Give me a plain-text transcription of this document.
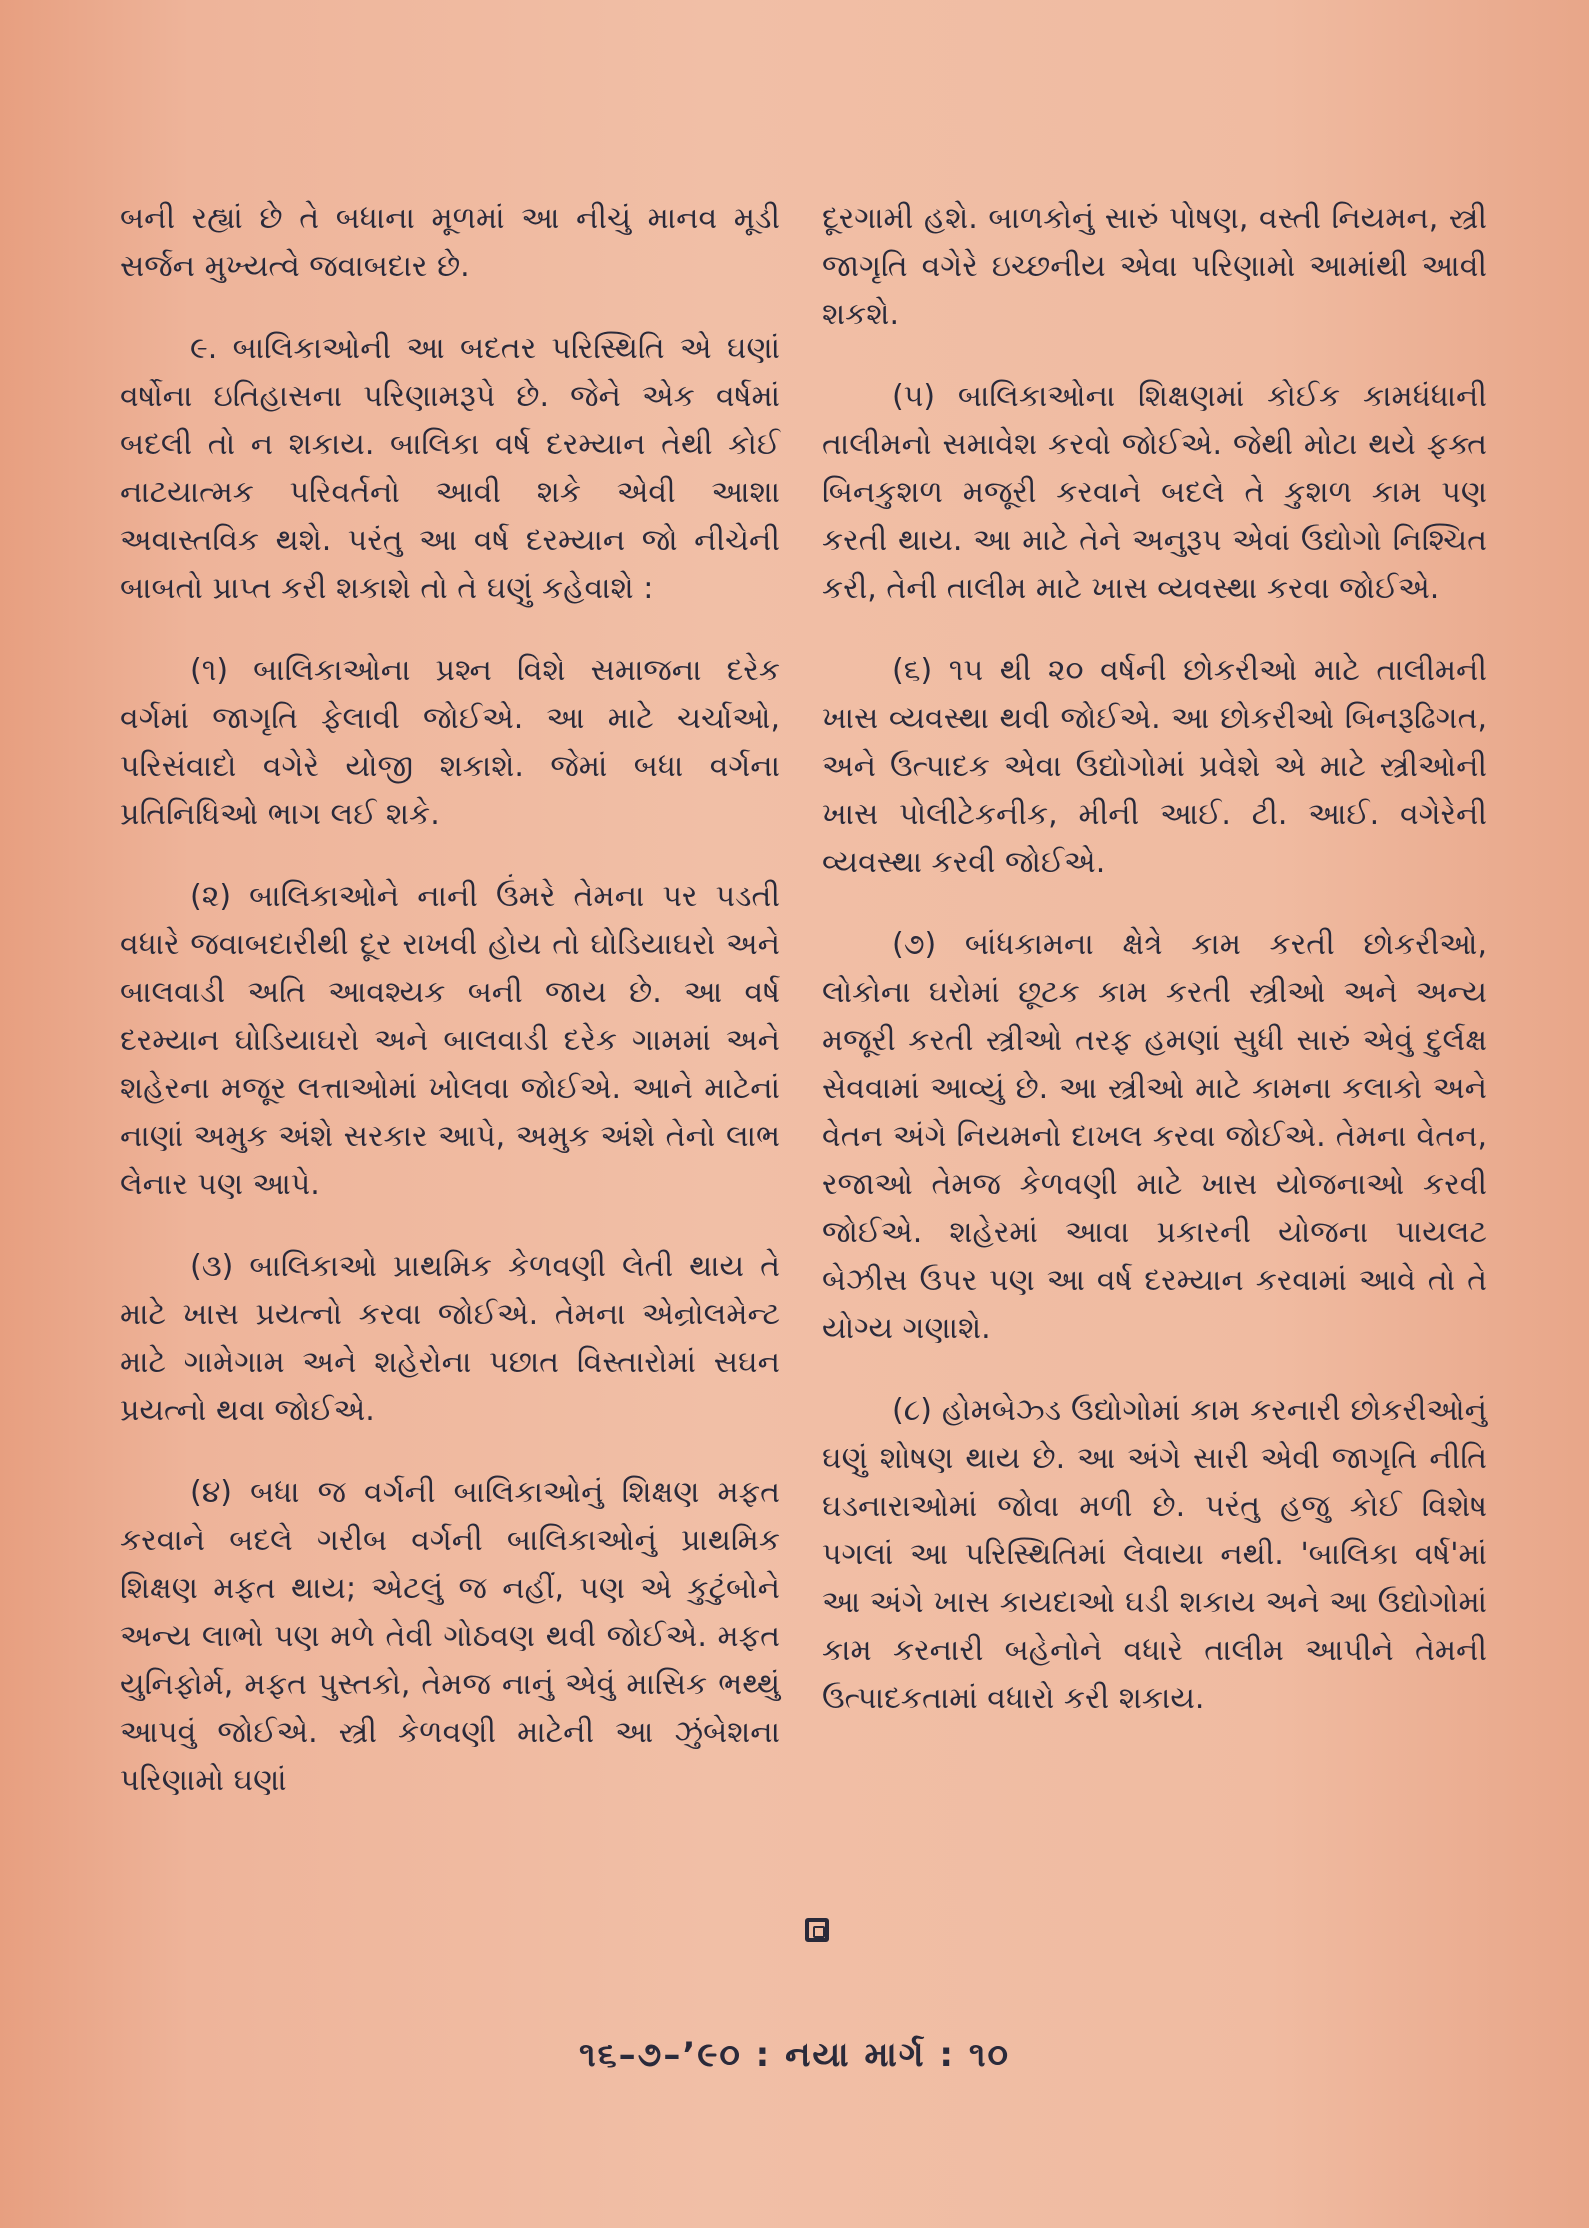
બની રહ્યાં છે તે બધાના મૂળમાં આ નીચું માનવ મૂડી સર્જન મુખ્યત્વે જવાબદાર છે.

૯. બાલિકાઓની આ બદતર પરિસ્થિતિ એ ઘણાં વર્ષોના ઇતિહાસના પરિણામરૂપે છે. જેને એક વર્ષમાં બદલી તો ન શકાય. બાલિકા વર્ષ દરમ્યાન તેથી કોઈ નાટયાત્મક પરિવર્તનો આવી શકે એવી આશા અવાસ્તવિક થશે. પરંતુ આ વર્ષ દરમ્યાન જો નીચેની બાબતો પ્રાપ્ત કરી શકાશે તો તે ઘણું કહેવાશે :

(૧) બાલિકાઓના પ્રશ્ન વિશે સમાજના દરેક વર્ગમાં જાગૃતિ ફેલાવી જોઈએ. આ માટે ચર્ચાઓ, પરિસંવાદો વગેરે યોજી શકાશે. જેમાં બધા વર્ગના પ્રતિનિધિઓ ભાગ લઈ શકે.

(૨) બાલિકાઓને નાની ઉંમરે તેમના પર પડતી વધારે જવાબદારીથી દૂર રાખવી હોય તો ઘોડિયાઘરો અને બાલવાડી અતિ આવશ્યક બની જાય છે. આ વર્ષ દરમ્યાન ઘોડિયાઘરો અને બાલવાડી દરેક ગામમાં અને શહેરના મજૂર લત્તાઓમાં ખોલવા જોઈએ. આને માટેનાં નાણાં અમુક અંશે સરકાર આપે, અમુક અંશે તેનો લાભ લેનાર પણ આપે.

(૩) બાલિકાઓ પ્રાથમિક કેળવણી લેતી થાય તે માટે ખાસ પ્રયત્નો કરવા જોઈએ. તેમના એન્રોલમેન્ટ માટે ગામેગામ અને શહેરોના પછાત વિસ્તારોમાં સઘન પ્રયત્નો થવા જોઈએ.

(૪) બધા જ વર્ગની બાલિકાઓનું શિક્ષણ મફત કરવાને બદલે ગરીબ વર્ગની બાલિકાઓનું પ્રાથમિક શિક્ષણ મફત થાય; એટલું જ નહીં, પણ એ કુટુંબોને અન્ય લાભો પણ મળે તેવી ગોઠવણ થવી જોઈએ. મફત યુનિફોર્મ, મફત પુસ્તકો, તેમજ નાનું એવું માસિક ભથ્થું આપવું જોઈએ. સ્ત્રી કેળવણી માટેની આ ઝુંબેશના પરિણામો ઘણાં

દૂરગામી હશે. બાળકોનું સારું પોષણ, વસ્તી નિયમન, સ્ત્રી જાગૃતિ વગેરે ઇચ્છનીય એવા પરિણામો આમાંથી આવી શકશે.

(૫) બાલિકાઓના શિક્ષણમાં કોઈક કામધંધાની તાલીમનો સમાવેશ કરવો જોઈએ. જેથી મોટા થયે ફક્ત બિનકુશળ મજૂરી કરવાને બદલે તે કુશળ કામ પણ કરતી થાય. આ માટે તેને અનુરૂપ એવાં ઉદ્યોગો નિશ્ચિત કરી, તેની તાલીમ માટે ખાસ વ્યવસ્થા કરવા જોઈએ.

(૬) ૧૫ થી ૨૦ વર્ષની છોકરીઓ માટે તાલીમની ખાસ વ્યવસ્થા થવી જોઈએ. આ છોકરીઓ બિનરૂઢિગત, અને ઉત્પાદક એવા ઉદ્યોગોમાં પ્રવેશે એ માટે સ્ત્રીઓની ખાસ પોલીટેકનીક, મીની આઈ. ટી. આઈ. વગેરેની વ્યવસ્થા કરવી જોઈએ.

(૭) બાંધકામના ક્ષેત્રે કામ કરતી છોકરીઓ, લોકોના ઘરોમાં છૂટક કામ કરતી સ્ત્રીઓ અને અન્ય મજૂરી કરતી સ્ત્રીઓ તરફ હમણાં સુધી સારું એવું દુર્લક્ષ સેવવામાં આવ્યું છે. આ સ્ત્રીઓ માટે કામના કલાકો અને વેતન અંગે નિયમનો દાખલ કરવા જોઈએ. તેમના વેતન, રજાઓ તેમજ કેળવણી માટે ખાસ યોજનાઓ કરવી જોઈએ. શહેરમાં આવા પ્રકારની યોજના પાયલટ બેઝીસ ઉપર પણ આ વર્ષ દરમ્યાન કરવામાં આવે તો તે યોગ્ય ગણાશે.

(૮) હોમબેઝ્ડ ઉદ્યોગોમાં કામ કરનારી છોકરીઓનું ઘણું શોષણ થાય છે. આ અંગે સારી એવી જાગૃતિ નીતિ ઘડનારાઓમાં જોવા મળી છે. પરંતુ હજુ કોઈ વિશેષ પગલાં આ પરિસ્થિતિમાં લેવાયા નથી. 'બાલિકા વર્ષ'માં આ અંગે ખાસ કાયદાઓ ઘડી શકાય અને આ ઉદ્યોગોમાં કામ કરનારી બહેનોને વધારે તાલીમ આપીને તેમની ઉત્પાદકતામાં વધારો કરી શકાય.

૧૬–૭–’૯૦ : નયા માર્ગ : ૧૦
